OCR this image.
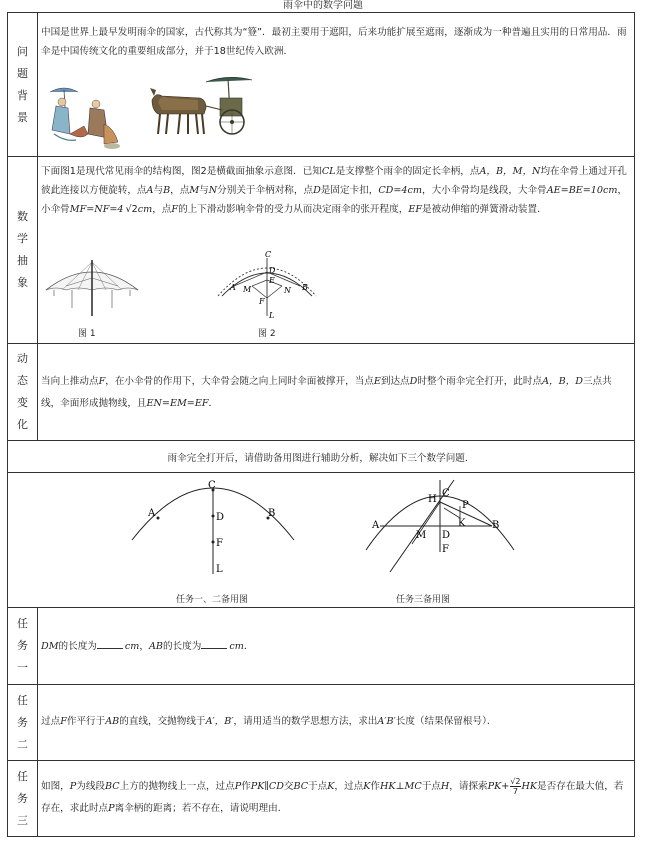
雨伞中的数学问题
问
题
背
景
中国是世界上最早发明雨伞的国家，古代称其为“簦”．最初主要用于遮阳，后来功能扩展至遮雨，逐渐成为一种普遍且实用的日常用品．雨伞是中国传统文化的重要组成部分，并于18世纪传入欧洲．
数
学
抽
象
下面图1是现代常见雨伞的结构图，图2是横截面抽象示意图．已知CL是支撑整个雨伞的固定长伞柄，点A，B，M，N均在伞骨上通过开孔彼此连接以方便旋转，点A与B，点M与N分别关于伞柄对称，点D是固定卡扣，CD=4cm，大小伞骨均是线段，大伞骨AE=BE=10cm，小伞骨MF=NF=4 √2cm，点F的上下滑动影响伞骨的受力从而决定雨伞的张开程度，EF是被动伸缩的弹簧滑动装置．
图 1
C
D
E
A M	N B
F
L
图 2
动
态
变
化
当向上推动点F，在小伞骨的作用下，大伞骨会随之向上同时伞面被撑开，当点E到达点D时整个雨伞完全打开，此时点A，B，D三点共线，伞面形成抛物线，且EN=EM=EF．
雨伞完全打开后，请借助备用图进行辅助分析，解决如下三个数学问题．
A
C
B
D
F
L
任务一、二备用图
H
C
P
K
A	B
M D
F
任务三备用图
任
务
一
DM的长度为	cm，AB的长度为	cm．
任
务
二
过点F作平行于AB的直线，交抛物线于A′，B′，请用适当的数学思想方法，求出A′B′长度（结果保留根号）．
任
务
三
如图，P为线段BC上方的抛物线上一点，过点P作PK∥CD交BC于点K，过点K作HK⊥MC于点H，请探索$PK+ \frac{√2}{7}$ HK是否存在最大值，若存在，求此时点P离伞柄的距离；若不存在，请说明理由．
